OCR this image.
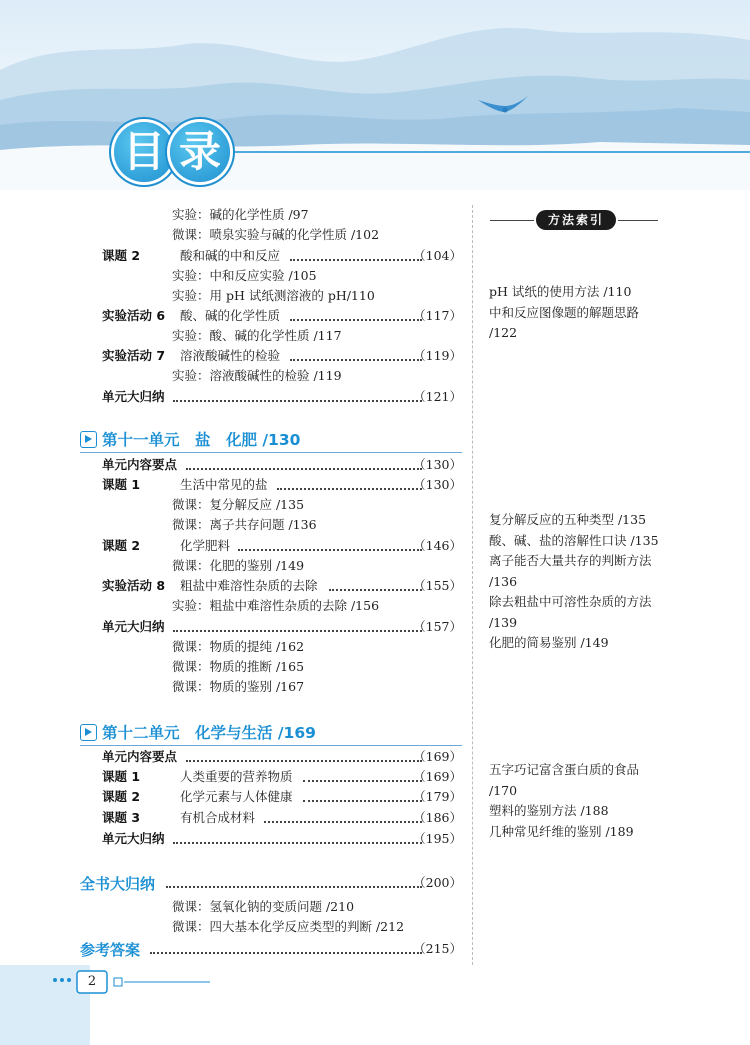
目 录
实验：碱的化学性质 /97
微课：喷泉实验与碱的化学性质 /102
课题 2	酸和碱的中和反应	（104）
实验：中和反应实验 /105
实验：用 pH 试纸测溶液的 pH/110
实验活动 6 酸、碱的化学性质	（117）
实验：酸、碱的化学性质 /117
实验活动 7 溶液酸碱性的检验	（119）
实验：溶液酸碱性的检验 /119
单元大归纳	（121）
第十一单元　盐　化肥 /130
单元内容要点	（130）
课题 1	生活中常见的盐	（130）
微课：复分解反应 /135
微课：离子共存问题 /136
课题 2	化学肥料	（146）
微课：化肥的鉴别 /149
实验活动 8 粗盐中难溶性杂质的去除	（155）
实验：粗盐中难溶性杂质的去除 /156
单元大归纳	（157）
微课：物质的提纯 /162
微课：物质的推断 /165
微课：物质的鉴别 /167
第十二单元　化学与生活 /169
单元内容要点	（169）
课题 1	人类重要的营养物质	（169）
课题 2	化学元素与人体健康	（179）
课题 3	有机合成材料	（186）
单元大归纳	（195）
全书大归纳	（200）
微课：氢氧化钠的变质问题 /210
微课：四大基本化学反应类型的判断 /212
参考答案	（215）
方法索引
pH 试纸的使用方法 /110
中和反应图像题的解题思路
/122
复分解反应的五种类型 /135
酸、碱、盐的溶解性口诀 /135
离子能否大量共存的判断方法
/136
除去粗盐中可溶性杂质的方法
/139
化肥的简易鉴别 /149
五字巧记富含蛋白质的食品
/170
塑料的鉴别方法 /188
几种常见纤维的鉴别 /189
2
